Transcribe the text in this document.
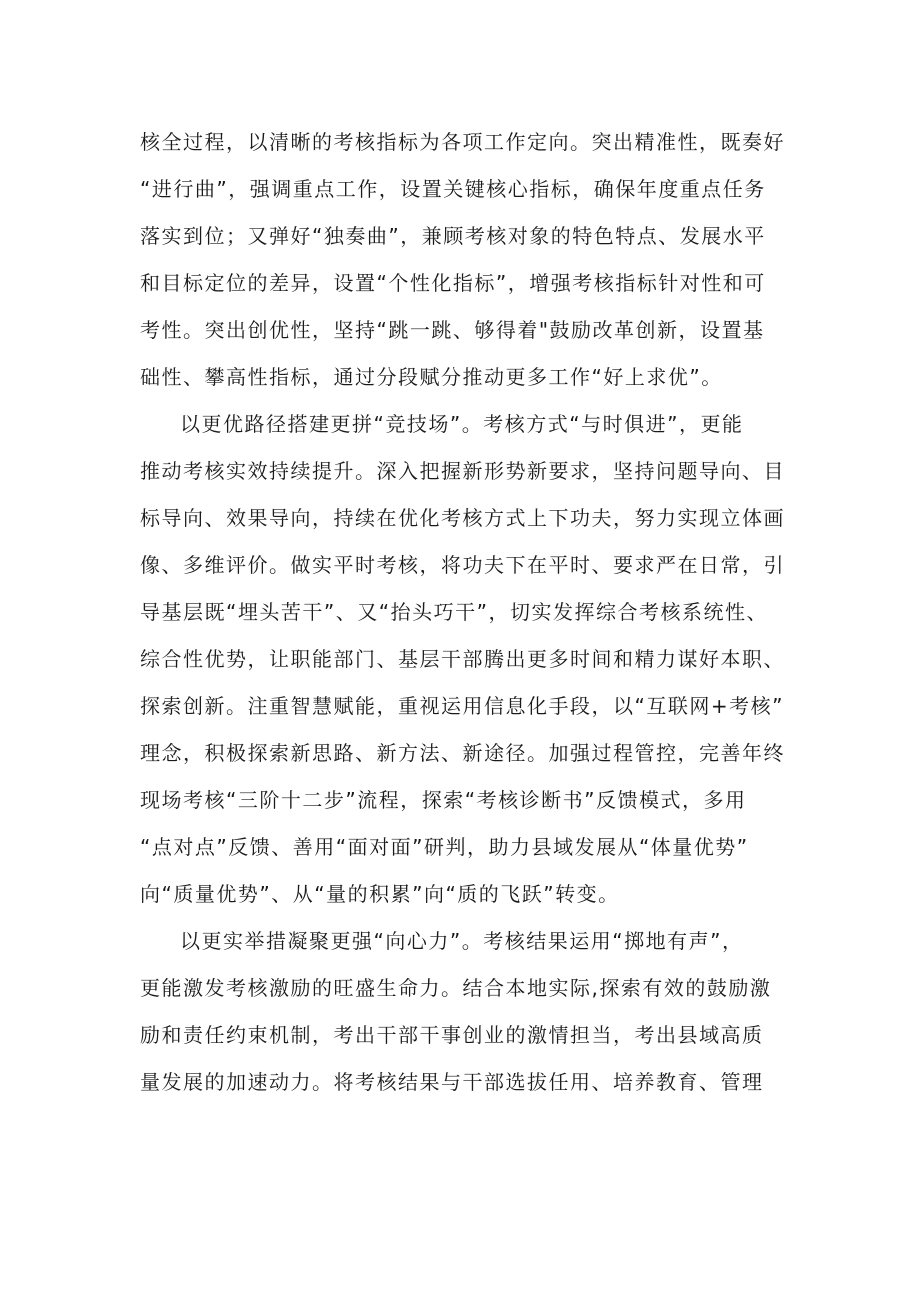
核全过程，以清晰的考核指标为各项工作定向。突出精准性，既奏好

“进行曲”，强调重点工作，设置关键核心指标，确保年度重点任务

落实到位；又弹好“独奏曲”，兼顾考核对象的特色特点、发展水平

和目标定位的差异，设置“个性化指标”，增强考核指标针对性和可

考性。突出创优性，坚持“跳一跳、够得着"鼓励改革创新，设置基

础性、攀高性指标，通过分段赋分推动更多工作“好上求优”。

以更优路径搭建更拼“竞技场”。考核方式“与时俱进”，更能

推动考核实效持续提升。深入把握新形势新要求，坚持问题导向、目

标导向、效果导向，持续在优化考核方式上下功夫，努力实现立体画

像、多维评价。做实平时考核，将功夫下在平时、要求严在日常，引

导基层既“埋头苦干”、又“抬头巧干”，切实发挥综合考核系统性、

综合性优势，让职能部门、基层干部腾出更多时间和精力谋好本职、

探索创新。注重智慧赋能，重视运用信息化手段，以“互联网+考核”

理念，积极探索新思路、新方法、新途径。加强过程管控，完善年终

现场考核“三阶十二步”流程，探索“考核诊断书”反馈模式，多用

“点对点”反馈、善用“面对面”研判，助力县域发展从“体量优势”

向“质量优势”、从“量的积累”向“质的飞跃”转变。

以更实举措凝聚更强“向心力”。考核结果运用“掷地有声”，

更能激发考核激励的旺盛生命力。结合本地实际,探索有效的鼓励激

励和责任约束机制，考出干部干事创业的激情担当，考出县域高质

量发展的加速动力。将考核结果与干部选拔任用、培养教育、管理
